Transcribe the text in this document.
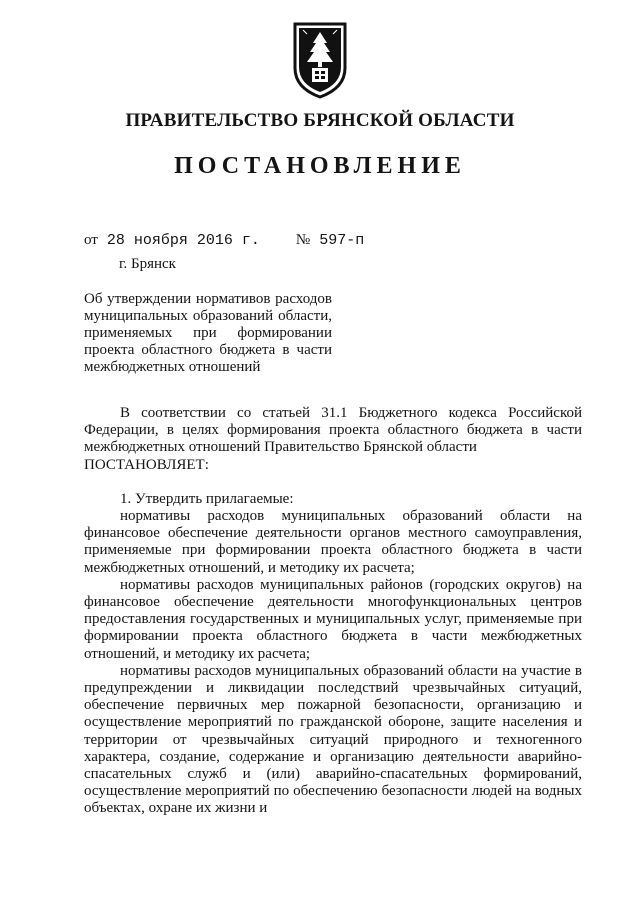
ПРАВИТЕЛЬСТВО БРЯНСКОЙ ОБЛАСТИ
ПОСТАНОВЛЕНИЕ
от 28 ноября 2016 г. № 597-п
г. Брянск
Об утверждении нормативов расходов муниципальных образований области, применяемых при формировании проекта областного бюджета в части межбюджетных отношений

В соответствии со статьей 31.1 Бюджетного кодекса Российской Федерации, в целях формирования проекта областного бюджета в части межбюджетных отношений Правительство Брянской области

ПОСТАНОВЛЯЕТ:

1. Утвердить прилагаемые:

нормативы расходов муниципальных образований области на финансовое обеспечение деятельности органов местного самоуправления, применяемые при формировании проекта областного бюджета в части межбюджетных отношений, и методику их расчета;

нормативы расходов муниципальных районов (городских округов) на финансовое обеспечение деятельности многофункциональных центров предоставления государственных и муниципальных услуг, применяемые при формировании проекта областного бюджета в части межбюджетных отношений, и методику их расчета;

нормативы расходов муниципальных образований области на участие в предупреждении и ликвидации последствий чрезвычайных ситуаций, обеспечение первичных мер пожарной безопасности, организацию и осуществление мероприятий по гражданской обороне, защите населения и территории от чрезвычайных ситуаций природного и техногенного характера, создание, содержание и организацию деятельности аварийно-спасательных служб и (или) аварийно-спасательных формирований, осуществление мероприятий по обеспечению безопасности людей на водных объектах, охране их жизни и
